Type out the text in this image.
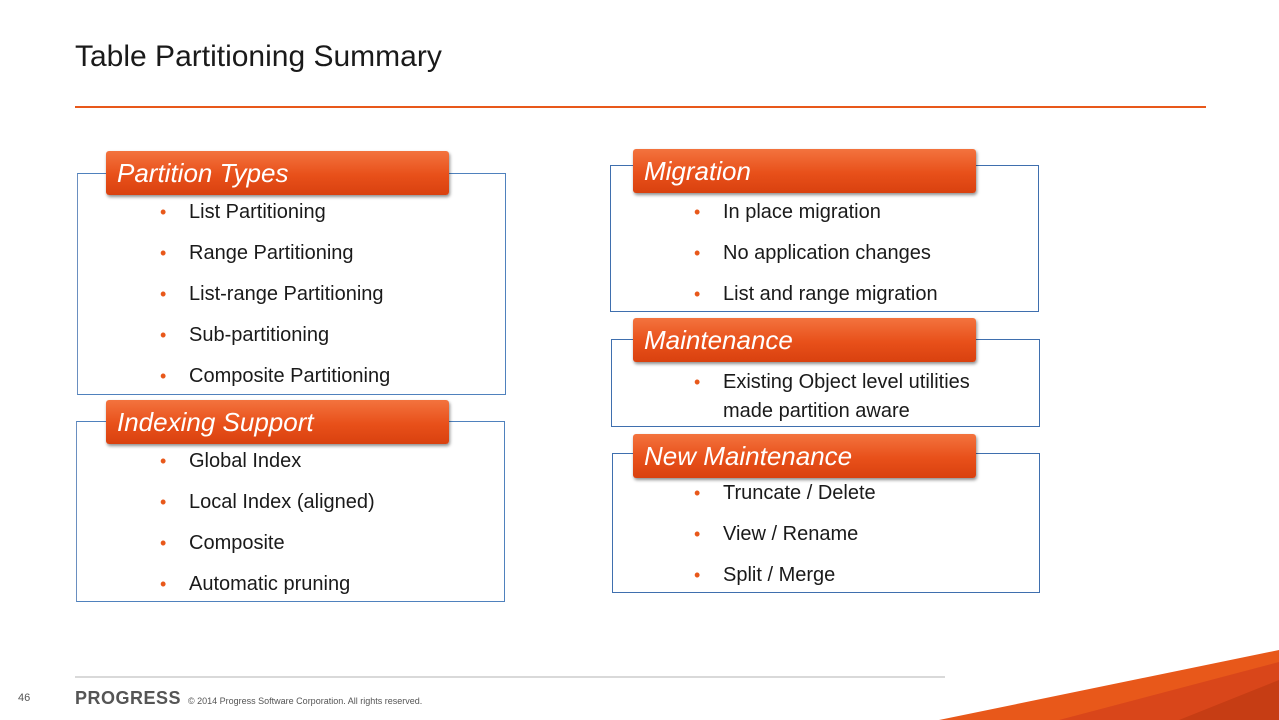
Table Partitioning Summary
• List Partitioning
• Range Partitioning
• List-range Partitioning
• Sub-partitioning
• Composite Partitioning
Partition Types
• Global Index
• Local Index (aligned)
• Composite
• Automatic pruning
Indexing Support
• In place migration
• No application changes
• List and range migration
Migration
• Existing Object level utilities made partition aware
Maintenance
• Truncate / Delete
• View / Rename
• Split / Merge
New Maintenance
46 PROGRESS © 2014 Progress Software Corporation. All rights reserved.
